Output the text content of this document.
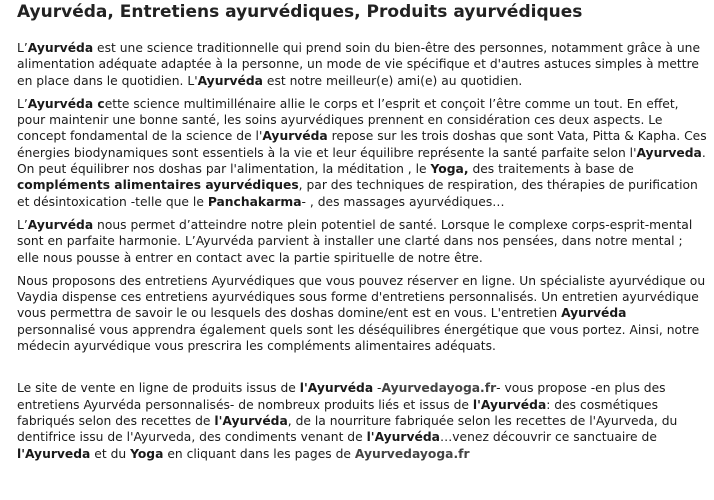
Ayurvéda, Entretiens ayurvédiques, Produits ayurvédiques

L’Ayurvéda est une science traditionnelle qui prend soin du bien-être des personnes, notamment grâce à une alimentation adéquate adaptée à la personne, un mode de vie spécifique et d'autres astuces simples à mettre en place dans le quotidien. L'Ayurvéda est notre meilleur(e) ami(e) au quotidien.

L’Ayurvéda cette science multimillénaire allie le corps et l’esprit et conçoit l’être comme un tout. En effet, pour maintenir une bonne santé, les soins ayurvédiques prennent en considération ces deux aspects. Le concept fondamental de la science de l'Ayurvéda repose sur les trois doshas que sont Vata, Pitta & Kapha. Ces énergies biodynamiques sont essentiels à la vie et leur équilibre représente la santé parfaite selon l'Ayurveda. On peut équilibrer nos doshas par l'alimentation, la méditation , le Yoga, des traitements à base de compléments alimentaires ayurvédiques, par des techniques de respiration, des thérapies de purification et désintoxication -telle que le Panchakarma- , des massages ayurvédiques…

L’Ayurvéda nous permet d’atteindre notre plein potentiel de santé. Lorsque le complexe corps-esprit-mental sont en parfaite harmonie. L’Ayurvéda parvient à installer une clarté dans nos pensées, dans notre mental ; elle nous pousse à entrer en contact avec la partie spirituelle de notre être.

Nous proposons des entretiens Ayurvédiques que vous pouvez réserver en ligne. Un spécialiste ayurvédique ou Vaydia dispense ces entretiens ayurvédiques sous forme d'entretiens personnalisés. Un entretien ayurvédique vous permettra de savoir le ou lesquels des doshas domine/ent est en vous. L'entretien Ayurvéda personnalisé vous apprendra également quels sont les déséquilibres énergétique que vous portez. Ainsi, notre médecin ayurvédique vous prescrira les compléments alimentaires adéquats.

Le site de vente en ligne de produits issus de l'Ayurvéda -Ayurvedayoga.fr- vous propose -en plus des entretiens Ayurvéda personnalisés- de nombreux produits liés et issus de l'Ayurvéda: des cosmétiques fabriqués selon des recettes de l'Ayurvéda, de la nourriture fabriquée selon les recettes de l'Ayurveda, du dentifrice issu de l'Ayurveda, des condiments venant de l'Ayurvéda…venez découvrir ce sanctuaire de l'Ayurveda et du Yoga en cliquant dans les pages de Ayurvedayoga.fr
